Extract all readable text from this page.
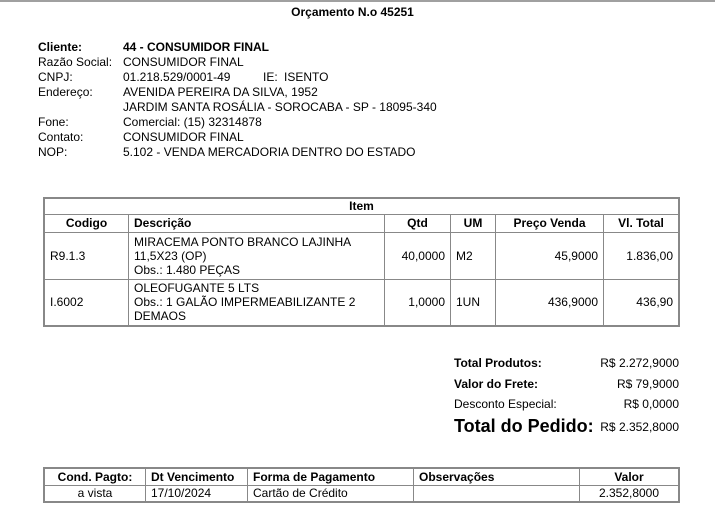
Orçamento N.o 45251
Cliente:	44 - CONSUMIDOR FINAL
Razão Social: CONSUMIDOR FINAL
CNPJ:	01.218.529/0001-49	IE: ISENTO
Endereço:	AVENIDA PEREIRA DA SILVA, 1952
JARDIM SANTA ROSÁLIA - SOROCABA - SP - 18095-340
Fone:	Comercial: (15) 32314878
Contato:	CONSUMIDOR FINAL
NOP:	5.102 - VENDA MERCADORIA DENTRO DO ESTADO
Item					
Codigo	Descrição	Qtd	UM	Preço Venda	Vl. Total
R9.1.3	MIRACEMA PONTO BRANCO LAJINHA
11,5X23 (OP)
Obs.: 1.480 PEÇAS	40,0000	M2	45,9000	1.836,00
I.6002	OLEOFUGANTE 5 LTS
Obs.: 1 GALÃO IMPERMEABILIZANTE 2
DEMAOS	1,0000	1UN	436,9000	436,90
Total Produtos:	R$ 2.272,9000
Valor do Frete:	R$ 79,9000
Desconto Especial:	R$ 0,0000
Total do Pedido: R$ 2.352,8000
Cond. Pagto:	Dt Vencimento	Forma de Pagamento	Observações	Valor
a vista	17/10/2024	Cartão de Crédito		2.352,8000
